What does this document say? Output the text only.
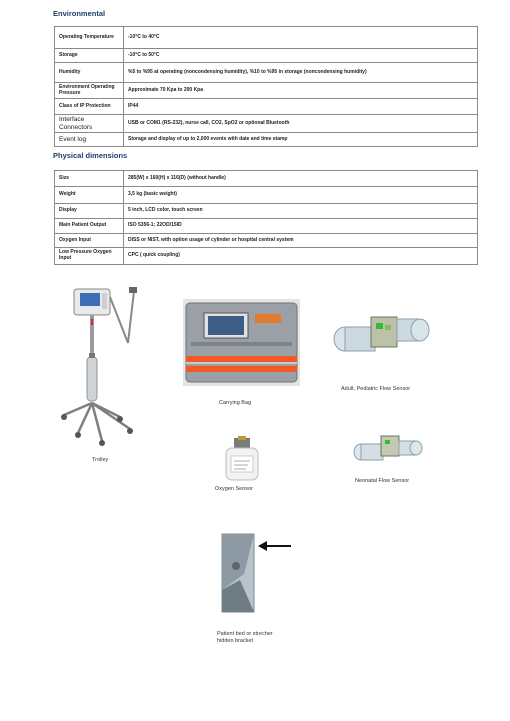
Environmental
Operating Temperature	-10°C to 40°C
Storage	-10°C to 50°C
Humidity	%5 to %95 at operating (noncondensing humidity), %10 to %95 in storage (noncondensing humidity)
Environment Operating Pressure	Approximate 70 Kpa to 200 Kpa
Class of IP Protection	IP44
Interface Connectors	USB or COM1 (RS-232), nurse call, CO2, SpO2 or optional Bluetooth
Event log	Storage and display of up to 2,000 events with date and time stamp
Physical dimensions
Size	285(W) x 160(H) x 116(D) (without handle)
Weight	3,5 kg (basic weight)
Display	5 inch, LCD color, touch screen
Main Patient Output	ISO 5356-1; 22OD/15ID
Oxygen Input	DISS or NIST, with option usage of cylinder or hospital central system
Low Pressure Oxygen Input	CPC ( quick coupling)
Trolley
Carrying Bag
Adult, Pediatric Flow Sensor
Oxygen Sensor
Neonatal Flow Sensor
Patient bed or strecher hidden bracket
